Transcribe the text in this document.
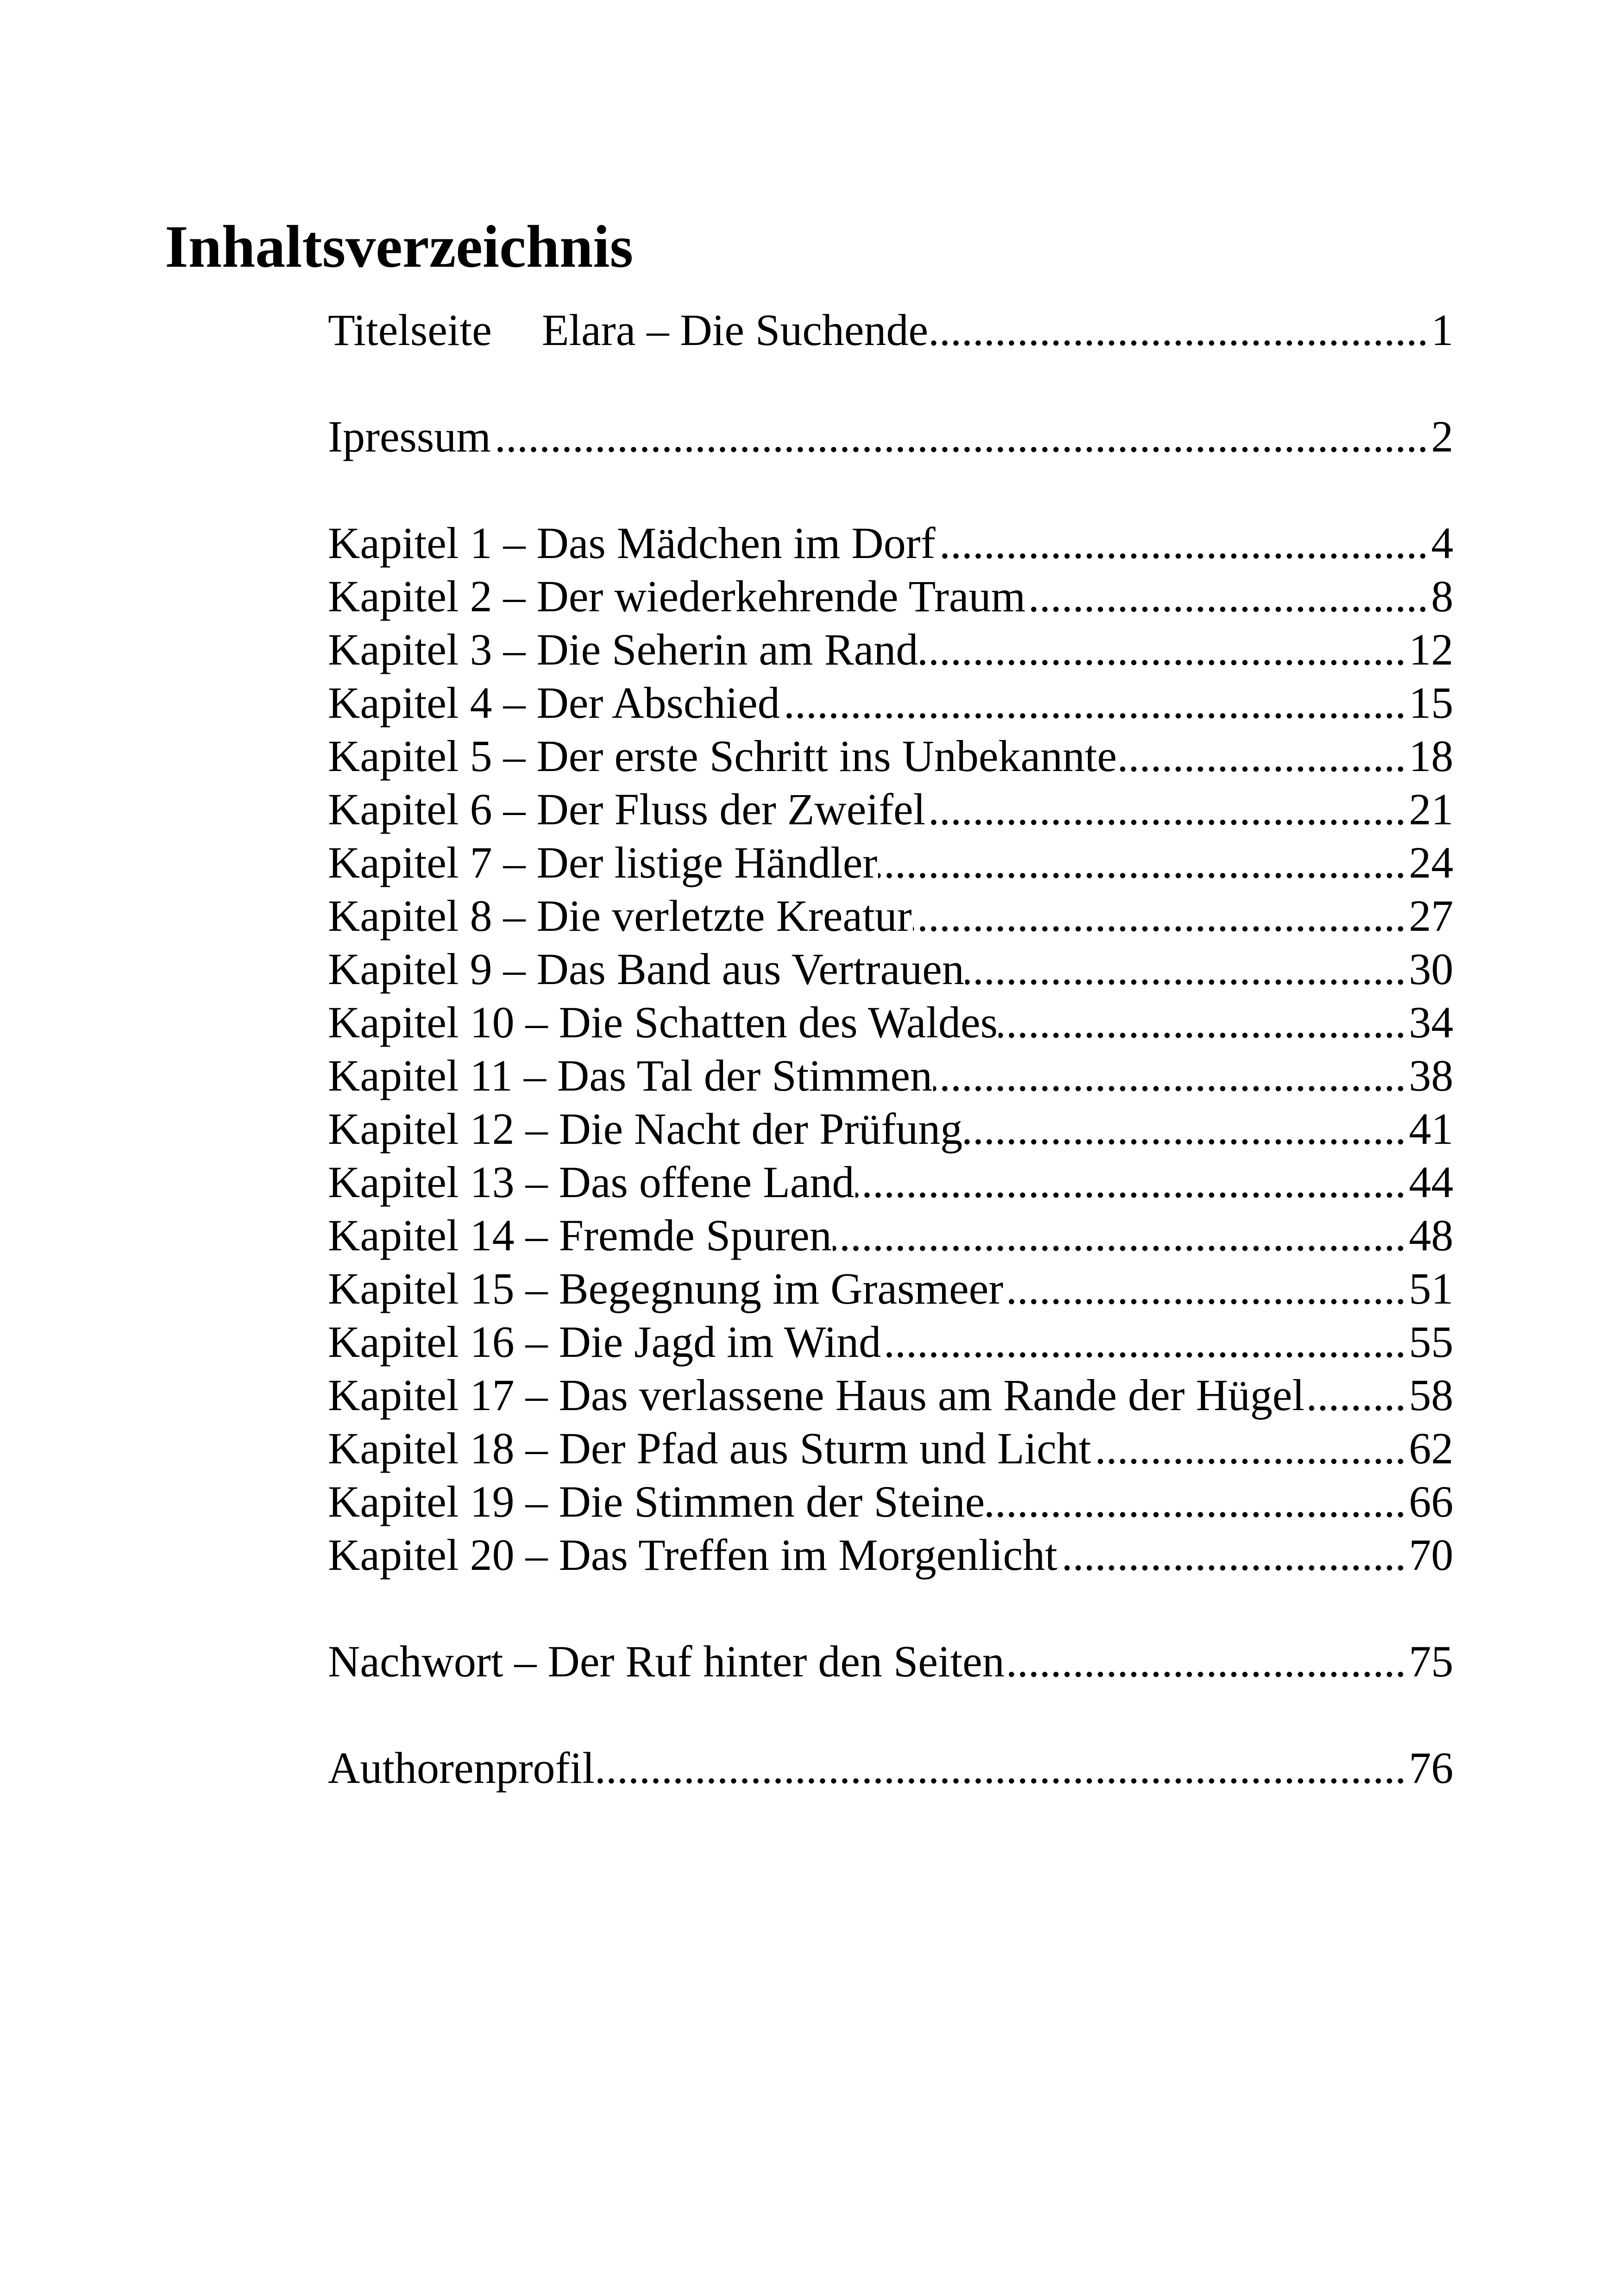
Inhaltsverzeichnis
..... Titelseite Elara – Die Suchende	1
..... Ipressum	2
..... Kapitel 1 – Das Mädchen im Dorf	4
..... Kapitel 2 – Der wiederkehrende Traum	8
..... Kapitel 3 – Die Seherin am Rand	12
..... Kapitel 4 – Der Abschied	15
..... Kapitel 5 – Der erste Schritt ins Unbekannte	18
..... Kapitel 6 – Der Fluss der Zweifel	21
..... Kapitel 7 – Der listige Händler	24
..... Kapitel 8 – Die verletzte Kreatur	27
..... Kapitel 9 – Das Band aus Vertrauen	30
..... Kapitel 10 – Die Schatten des Waldes	34
..... Kapitel 11 – Das Tal der Stimmen	38
..... Kapitel 12 – Die Nacht der Prüfung	41
..... Kapitel 13 – Das offene Land	44
..... Kapitel 14 – Fremde Spuren	48
..... Kapitel 15 – Begegnung im Grasmeer	51
..... Kapitel 16 – Die Jagd im Wind	55
..... Kapitel 17 – Das verlassene Haus am Rande der Hügel 58
..... Kapitel 18 – Der Pfad aus Sturm und Licht	62
..... Kapitel 19 – Die Stimmen der Steine	66
..... Kapitel 20 – Das Treffen im Morgenlicht	70
..... Nachwort – Der Ruf hinter den Seiten	75
..... Authorenprofil	76
